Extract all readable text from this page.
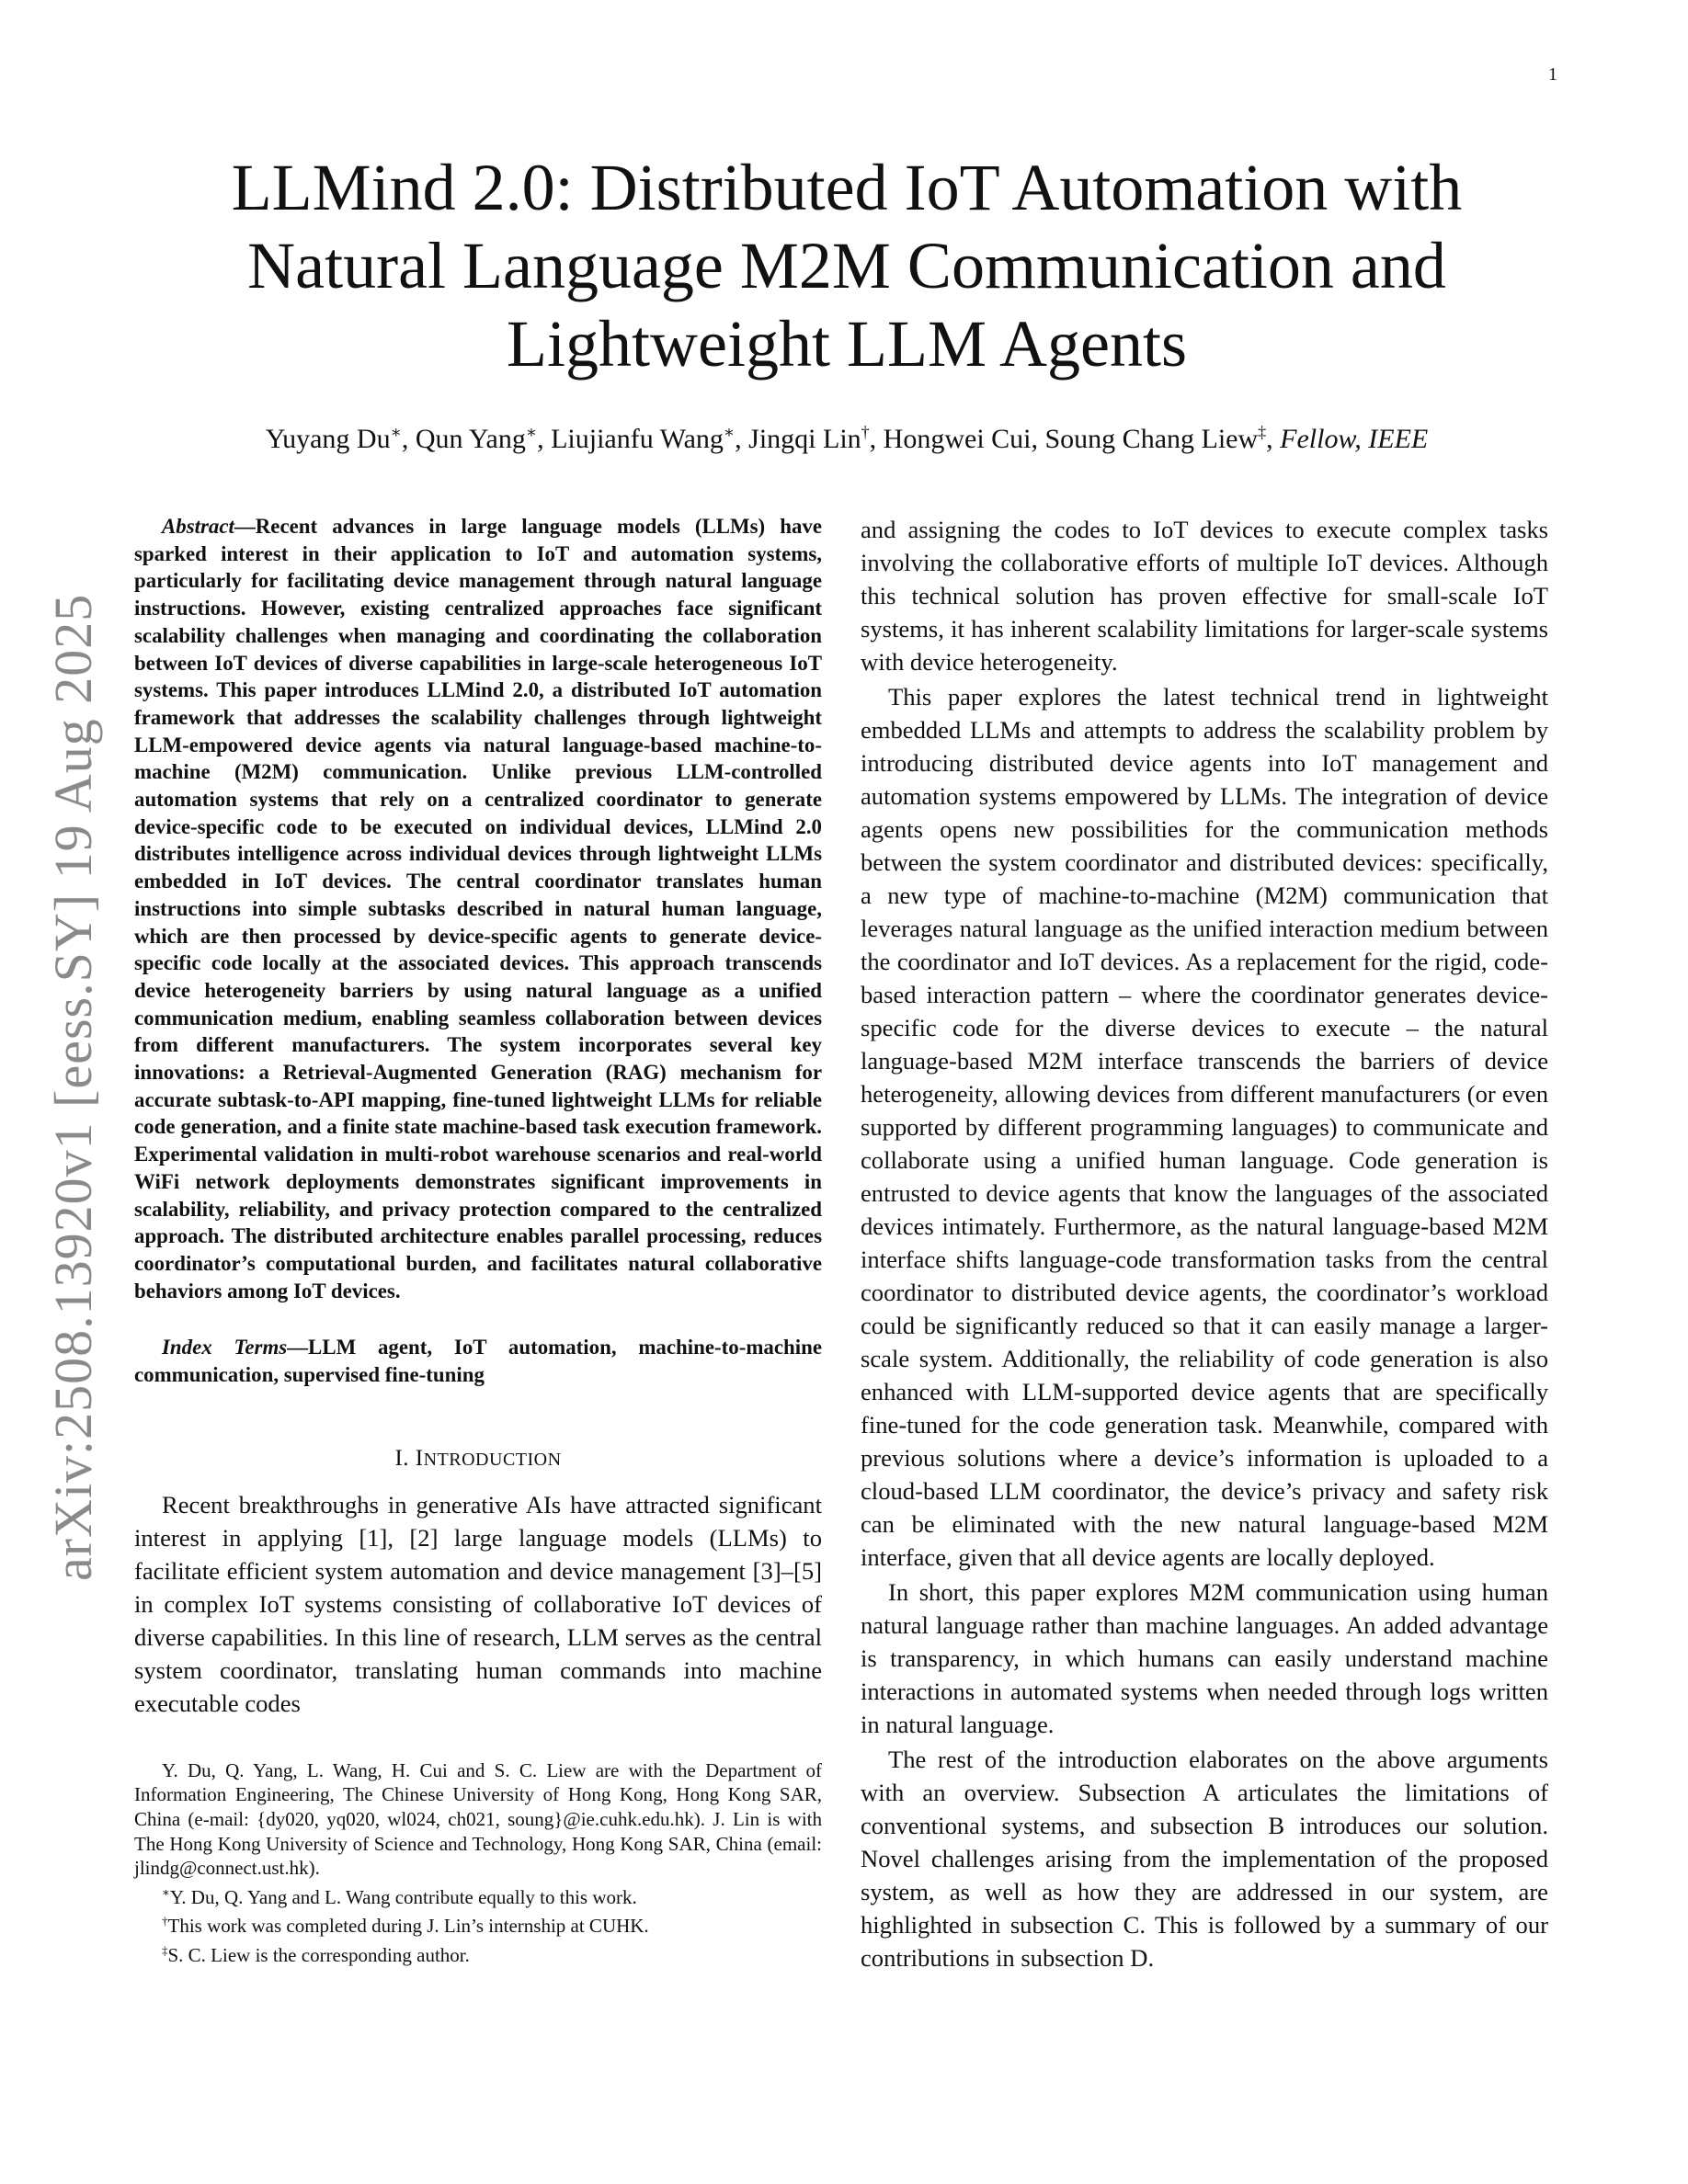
1
arXiv:2508.13920v1 [eess.SY] 19 Aug 2025
LLMind 2.0: Distributed IoT Automation with
Natural Language M2M Communication and
Lightweight LLM Agents
Yuyang Du∗, Qun Yang∗, Liujianfu Wang∗, Jingqi Lin†, Hongwei Cui, Soung Chang Liew‡, Fellow, IEEE

Abstract—Recent advances in large language models (LLMs) have sparked interest in their application to IoT and automation systems, particularly for facilitating device management through natural language instructions. However, existing centralized approaches face significant scalability challenges when managing and coordinating the collaboration between IoT devices of diverse capabilities in large-scale heterogeneous IoT systems. This paper introduces LLMind 2.0, a distributed IoT automation framework that addresses the scalability challenges through lightweight LLM-empowered device agents via natural language-based machine-to-machine (M2M) communication. Unlike previous LLM-controlled automation systems that rely on a centralized coordinator to generate device-specific code to be executed on individual devices, LLMind 2.0 distributes intelligence across individual devices through lightweight LLMs embedded in IoT devices. The central coordinator translates human instructions into simple subtasks described in natural human language, which are then processed by device-specific agents to generate device-specific code locally at the associated devices. This approach transcends device heterogeneity barriers by using natural language as a unified communication medium, enabling seamless collaboration between devices from different manufacturers. The system incorporates several key innovations: a Retrieval-Augmented Generation (RAG) mechanism for accurate subtask-to-API mapping, fine-tuned lightweight LLMs for reliable code generation, and a finite state machine-based task execution framework. Experimental validation in multi-robot warehouse scenarios and real-world WiFi network deployments demonstrates significant improvements in scalability, reliability, and privacy protection compared to the centralized approach. The distributed architecture enables parallel processing, reduces coordinator’s computational burden, and facilitates natural collaborative behaviors among IoT devices.

Index Terms—LLM agent, IoT automation, machine-to-machine communication, supervised fine-tuning

I. INTRODUCTION

Recent breakthroughs in generative AIs have attracted significant interest in applying [1], [2] large language models (LLMs) to facilitate efficient system automation and device management [3]–[5] in complex IoT systems consisting of collaborative IoT devices of diverse capabilities. In this line of research, LLM serves as the central system coordinator, translating human commands into machine executable codes

Y. Du, Q. Yang, L. Wang, H. Cui and S. C. Liew are with the Department of Information Engineering, The Chinese University of Hong Kong, Hong Kong SAR, China (e-mail: {dy020, yq020, wl024, ch021, soung}@ie.cuhk.edu.hk). J. Lin is with The Hong Kong University of Science and Technology, Hong Kong SAR, China (email: jlindg@connect.ust.hk).

∗Y. Du, Q. Yang and L. Wang contribute equally to this work.

†This work was completed during J. Lin’s internship at CUHK.

‡S. C. Liew is the corresponding author.

and assigning the codes to IoT devices to execute complex tasks involving the collaborative efforts of multiple IoT devices. Although this technical solution has proven effective for small-scale IoT systems, it has inherent scalability limitations for larger-scale systems with device heterogeneity.

This paper explores the latest technical trend in lightweight embedded LLMs and attempts to address the scalability problem by introducing distributed device agents into IoT management and automation systems empowered by LLMs. The integration of device agents opens new possibilities for the communication methods between the system coordinator and distributed devices: specifically, a new type of machine-to-machine (M2M) communication that leverages natural language as the unified interaction medium between the coordinator and IoT devices. As a replacement for the rigid, code-based interaction pattern – where the coordinator generates device-specific code for the diverse devices to execute – the natural language-based M2M interface transcends the barriers of device heterogeneity, allowing devices from different manufacturers (or even supported by different programming languages) to communicate and collaborate using a unified human language. Code generation is entrusted to device agents that know the languages of the associated devices intimately. Furthermore, as the natural language-based M2M interface shifts language-code transformation tasks from the central coordinator to distributed device agents, the coordinator’s workload could be significantly reduced so that it can easily manage a larger-scale system. Additionally, the reliability of code generation is also enhanced with LLM-supported device agents that are specifically fine-tuned for the code generation task. Meanwhile, compared with previous solutions where a device’s information is uploaded to a cloud-based LLM coordinator, the device’s privacy and safety risk can be eliminated with the new natural language-based M2M interface, given that all device agents are locally deployed.

In short, this paper explores M2M communication using human natural language rather than machine languages. An added advantage is transparency, in which humans can easily understand machine interactions in automated systems when needed through logs written in natural language.

The rest of the introduction elaborates on the above arguments with an overview. Subsection A articulates the limitations of conventional systems, and subsection B introduces our solution. Novel challenges arising from the implementation of the proposed system, as well as how they are addressed in our system, are highlighted in subsection C. This is followed by a summary of our contributions in subsection D.
